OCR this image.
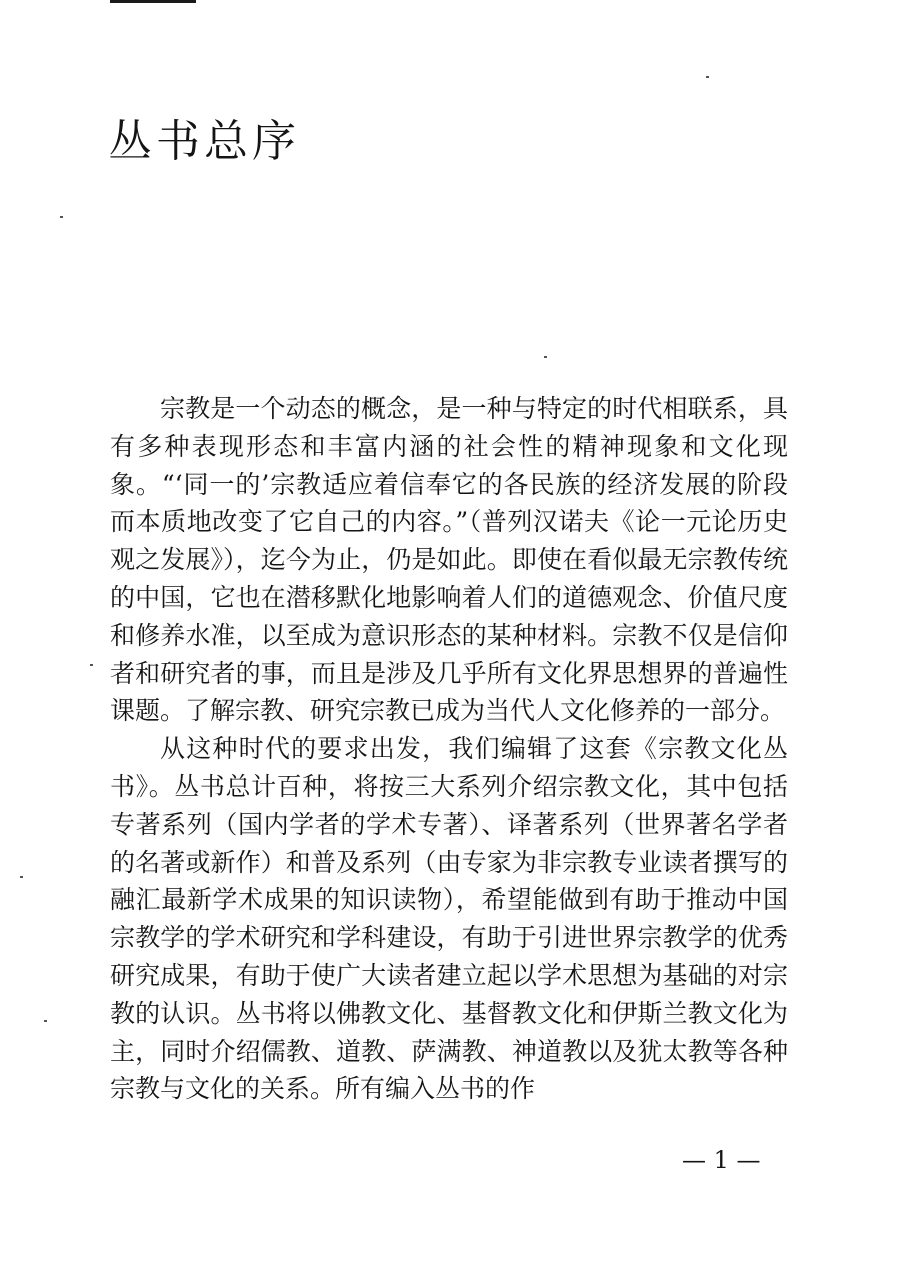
丛书总序

宗教是一个动态的概念，是一种与特定的时代相联系，具有多种表现形态和丰富内涵的社会性的精神现象和文化现象。“‘同一的’宗教适应着信奉它的各民族的经济发展的阶段而本质地改变了它自己的内容。”（普列汉诺夫《论一元论历史观之发展》），迄今为止，仍是如此。即使在看似最无宗教传统的中国，它也在潜移默化地影响着人们的道德观念、价值尺度和修养水准，以至成为意识形态的某种材料。宗教不仅是信仰者和研究者的事，而且是涉及几乎所有文化界思想界的普遍性课题。了解宗教、研究宗教已成为当代人文化修养的一部分。

从这种时代的要求出发，我们编辑了这套《宗教文化丛书》。丛书总计百种，将按三大系列介绍宗教文化，其中包括专著系列（国内学者的学术专著）、译著系列（世界著名学者的名著或新作）和普及系列（由专家为非宗教专业读者撰写的融汇最新学术成果的知识读物），希望能做到有助于推动中国宗教学的学术研究和学科建设，有助于引进世界宗教学的优秀研究成果，有助于使广大读者建立起以学术思想为基础的对宗教的认识。丛书将以佛教文化、基督教文化和伊斯兰教文化为主，同时介绍儒教、道教、萨满教、神道教以及犹太教等各种宗教与文化的关系。所有编入丛书的作

— 1 —
